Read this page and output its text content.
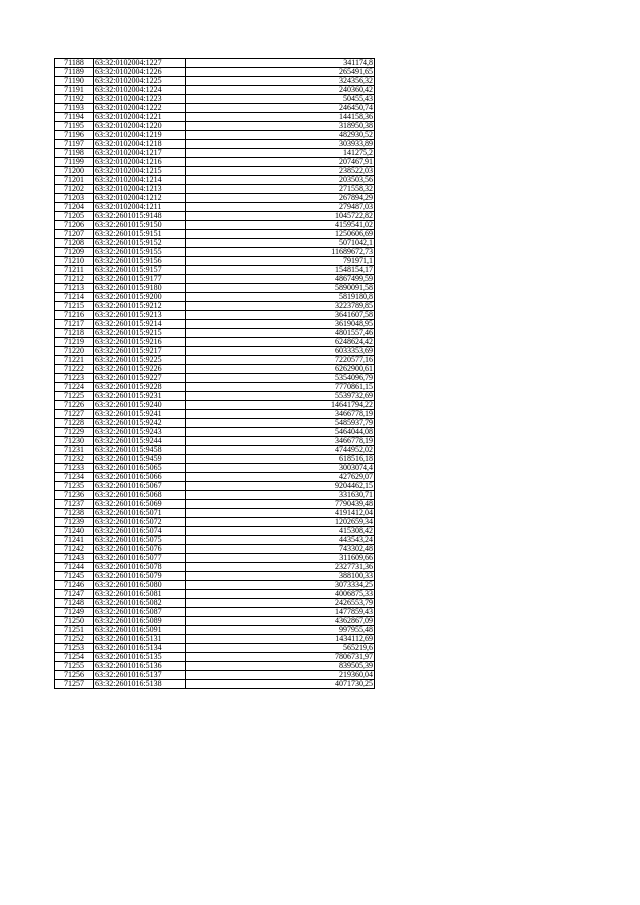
71188	63:32:0102004:1227	341174,8
71189	63:32:0102004:1226	265491,65
71190	63:32:0102004:1225	324356,32
71191	63:32:0102004:1224	240360,42
71192	63:32:0102004:1223	50455,43
71193	63:32:0102004:1222	246450,74
71194	63:32:0102004:1221	144158,36
71195	63:32:0102004:1220	318950,38
71196	63:32:0102004:1219	482930,52
71197	63:32:0102004:1218	303933,89
71198	63:32:0102004:1217	141275,2
71199	63:32:0102004:1216	207467,91
71200	63:32:0102004:1215	238522,03
71201	63:32:0102004:1214	203503,56
71202	63:32:0102004:1213	271558,32
71203	63:32:0102004:1212	267894,29
71204	63:32:0102004:1211	279487,03
71205	63:32:2601015:9148	1045722,82
71206	63:32:2601015:9150	4159541,02
71207	63:32:2601015:9151	1250606,69
71208	63:32:2601015:9152	5071042,1
71209	63:32:2601015:9155	11689672,73
71210	63:32:2601015:9156	791971,1
71211	63:32:2601015:9157	1548154,17
71212	63:32:2601015:9177	4867499,59
71213	63:32:2601015:9180	5890091,58
71214	63:32:2601015:9200	5819180,8
71215	63:32:2601015:9212	3223789,85
71216	63:32:2601015:9213	3641607,58
71217	63:32:2601015:9214	3619048,95
71218	63:32:2601015:9215	4801557,46
71219	63:32:2601015:9216	6248624,42
71220	63:32:2601015:9217	6033353,69
71221	63:32:2601015:9225	7220577,16
71222	63:32:2601015:9226	6262900,61
71223	63:32:2601015:9227	5354096,79
71224	63:32:2601015:9228	7770861,15
71225	63:32:2601015:9231	5539732,69
71226	63:32:2601015:9240	14641794,22
71227	63:32:2601015:9241	3466778,19
71228	63:32:2601015:9242	5485937,79
71229	63:32:2601015:9243	5464044,08
71230	63:32:2601015:9244	3466778,19
71231	63:32:2601015:9458	4744952,02
71232	63:32:2601015:9459	618516,18
71233	63:32:2601016:5065	3003074,4
71234	63:32:2601016:5066	427629,07
71235	63:32:2601016:5067	9204462,15
71236	63:32:2601016:5068	331630,71
71237	63:32:2601016:5069	7790439,48
71238	63:32:2601016:5071	4191412,04
71239	63:32:2601016:5072	1202659,34
71240	63:32:2601016:5074	415308,42
71241	63:32:2601016:5075	443543,24
71242	63:32:2601016:5076	743302,48
71243	63:32:2601016:5077	311609,66
71244	63:32:2601016:5078	2327731,36
71245	63:32:2601016:5079	388100,33
71246	63:32:2601016:5080	3073334,25
71247	63:32:2601016:5081	4006875,33
71248	63:32:2601016:5082	2426553,79
71249	63:32:2601016:5087	1477859,43
71250	63:32:2601016:5089	4362867,09
71251	63:32:2601016:5091	997955,48
71252	63:32:2601016:5131	1434112,69
71253	63:32:2601016:5134	565219,6
71254	63:32:2601016:5135	7806731,97
71255	63:32:2601016:5136	839505,39
71256	63:32:2601016:5137	219360,04
71257	63:32:2601016:5138	4071730,25
